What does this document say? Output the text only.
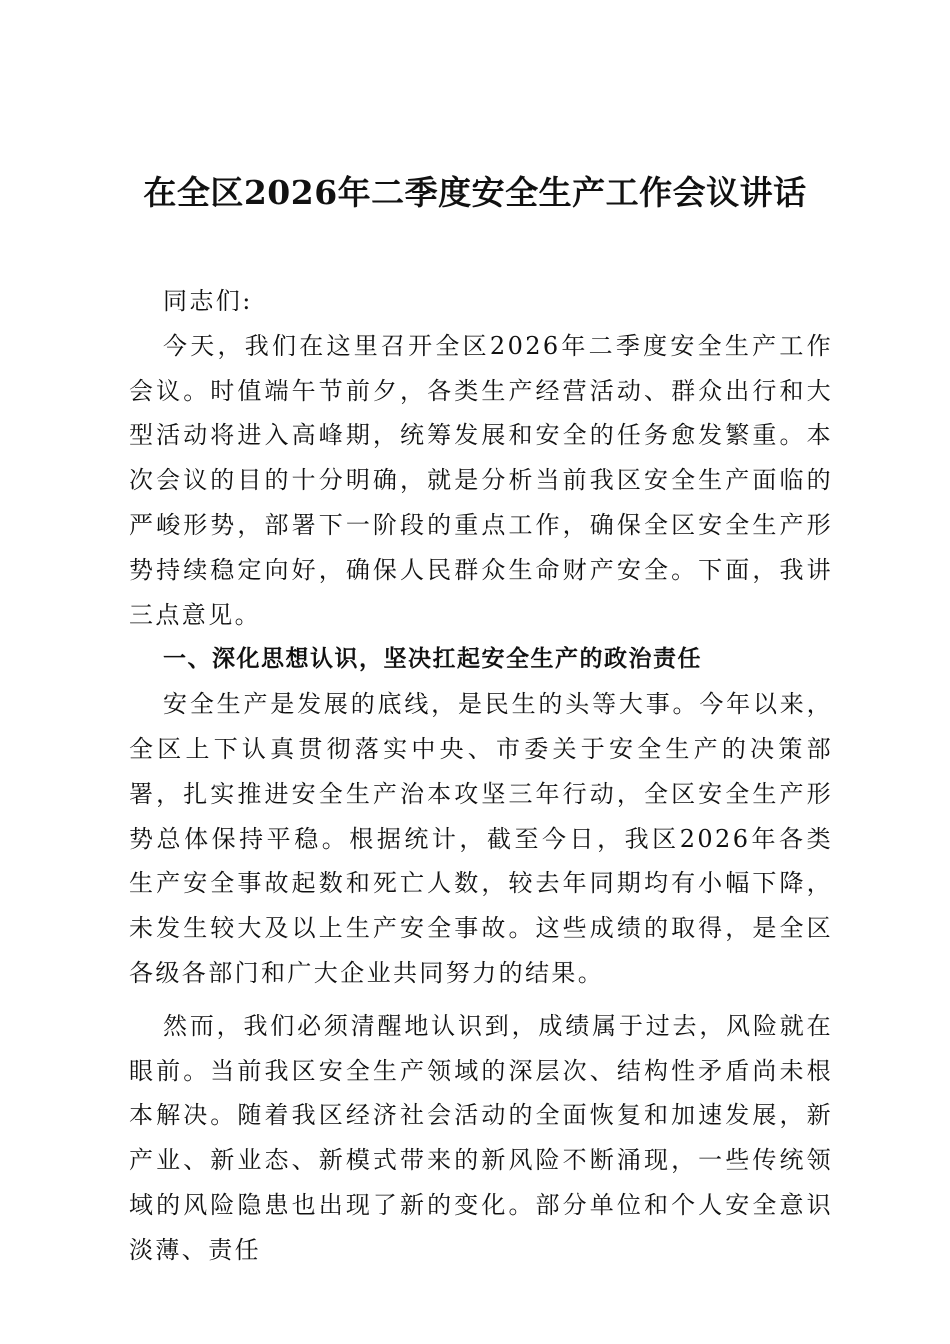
在全区2026年二季度安全生产工作会议讲话

同志们:

今天，我们在这里召开全区2026年二季度安全生产工作会议。时值端午节前夕，各类生产经营活动、群众出行和大型活动将进入高峰期，统筹发展和安全的任务愈发繁重。本次会议的目的十分明确，就是分析当前我区安全生产面临的严峻形势，部署下一阶段的重点工作，确保全区安全生产形势持续稳定向好，确保人民群众生命财产安全。下面，我讲三点意见。

一、深化思想认识，坚决扛起安全生产的政治责任

安全生产是发展的底线，是民生的头等大事。今年以来，全区上下认真贯彻落实中央、市委关于安全生产的决策部署，扎实推进安全生产治本攻坚三年行动，全区安全生产形势总体保持平稳。根据统计，截至今日，我区2026年各类生产安全事故起数和死亡人数，较去年同期均有小幅下降，未发生较大及以上生产安全事故。这些成绩的取得，是全区各级各部门和广大企业共同努力的结果。

然而，我们必须清醒地认识到，成绩属于过去，风险就在眼前。当前我区安全生产领域的深层次、结构性矛盾尚未根本解决。随着我区经济社会活动的全面恢复和加速发展，新产业、新业态、新模式带来的新风险不断涌现，一些传统领域的风险隐患也出现了新的变化。部分单位和个人安全意识淡薄、责任
